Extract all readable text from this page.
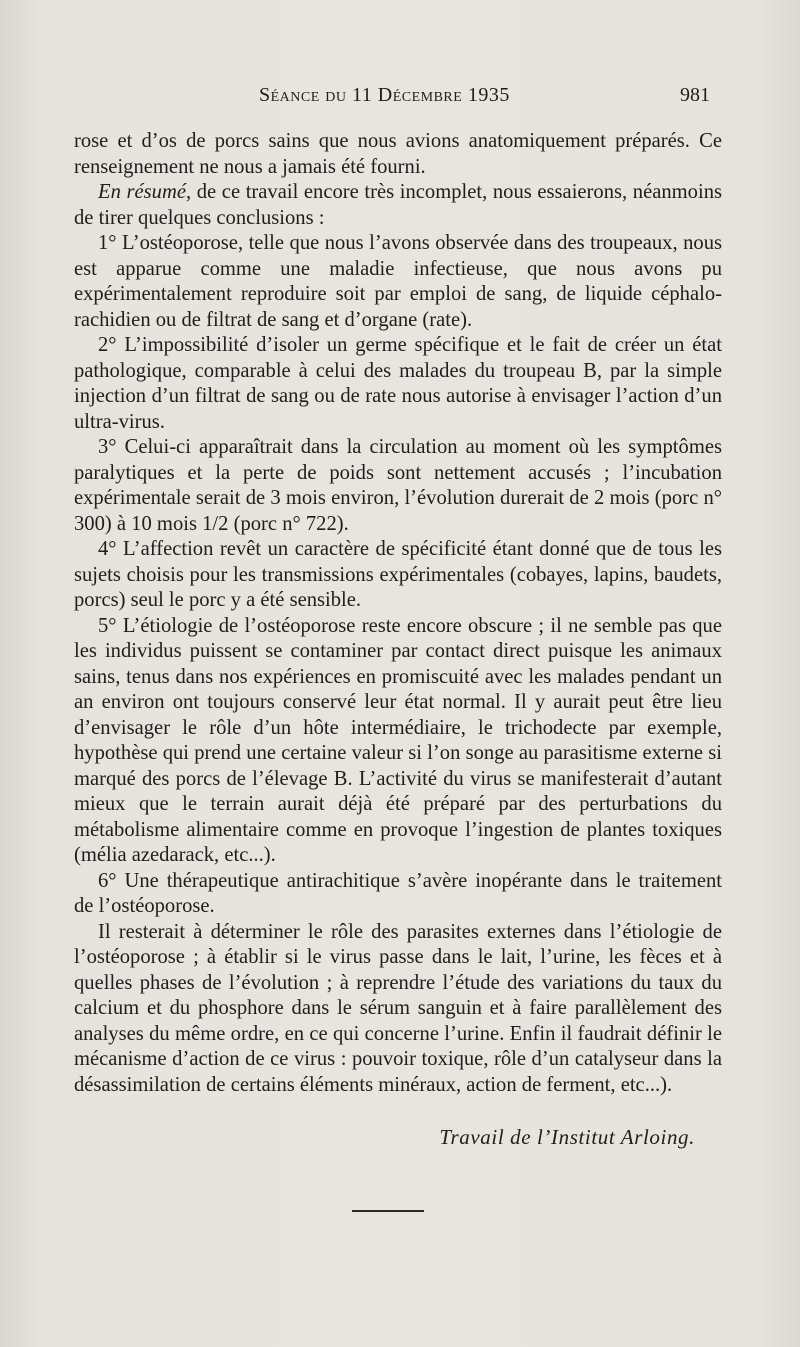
Séance du 11 Décembre 1935	981

rose et d’os de porcs sains que nous avions anatomiquement préparés. Ce renseignement ne nous a jamais été fourni.

En résumé, de ce travail encore très incomplet, nous essaierons, néanmoins de tirer quelques conclusions :

1° L’ostéoporose, telle que nous l’avons observée dans des troupeaux, nous est apparue comme une maladie infectieuse, que nous avons pu expérimentalement reproduire soit par emploi de sang, de liquide céphalo-rachidien ou de filtrat de sang et d’organe (rate).

2° L’impossibilité d’isoler un germe spécifique et le fait de créer un état pathologique, comparable à celui des malades du troupeau B, par la simple injection d’un filtrat de sang ou de rate nous autorise à envisager l’action d’un ultra-virus.

3° Celui-ci apparaîtrait dans la circulation au moment où les symptômes paralytiques et la perte de poids sont nettement accusés ; l’incubation expérimentale serait de 3 mois environ, l’évolution durerait de 2 mois (porc n° 300) à 10 mois 1/2 (porc n° 722).

4° L’affection revêt un caractère de spécificité étant donné que de tous les sujets choisis pour les transmissions expérimentales (cobayes, lapins, baudets, porcs) seul le porc y a été sensible.

5° L’étiologie de l’ostéoporose reste encore obscure ; il ne semble pas que les individus puissent se contaminer par contact direct puisque les animaux sains, tenus dans nos expériences en promiscuité avec les malades pendant un an environ ont toujours conservé leur état normal. Il y aurait peut être lieu d’envisager le rôle d’un hôte intermédiaire, le trichodecte par exemple, hypothèse qui prend une certaine valeur si l’on songe au parasitisme externe si marqué des porcs de l’élevage B. L’activité du virus se manifesterait d’autant mieux que le terrain aurait déjà été préparé par des perturbations du métabolisme alimentaire comme en provoque l’ingestion de plantes toxiques (mélia azedarack, etc...).

6° Une thérapeutique antirachitique s’avère inopérante dans le traitement de l’ostéoporose.

Il resterait à déterminer le rôle des parasites externes dans l’étiologie de l’ostéoporose ; à établir si le virus passe dans le lait, l’urine, les fèces et à quelles phases de l’évolution ; à reprendre l’étude des variations du taux du calcium et du phosphore dans le sérum sanguin et à faire parallèlement des analyses du même ordre, en ce qui concerne l’urine. Enfin il faudrait définir le mécanisme d’action de ce virus : pouvoir toxique, rôle d’un catalyseur dans la désassimilation de certains éléments minéraux, action de ferment, etc...).

Travail de l’Institut Arloing.
